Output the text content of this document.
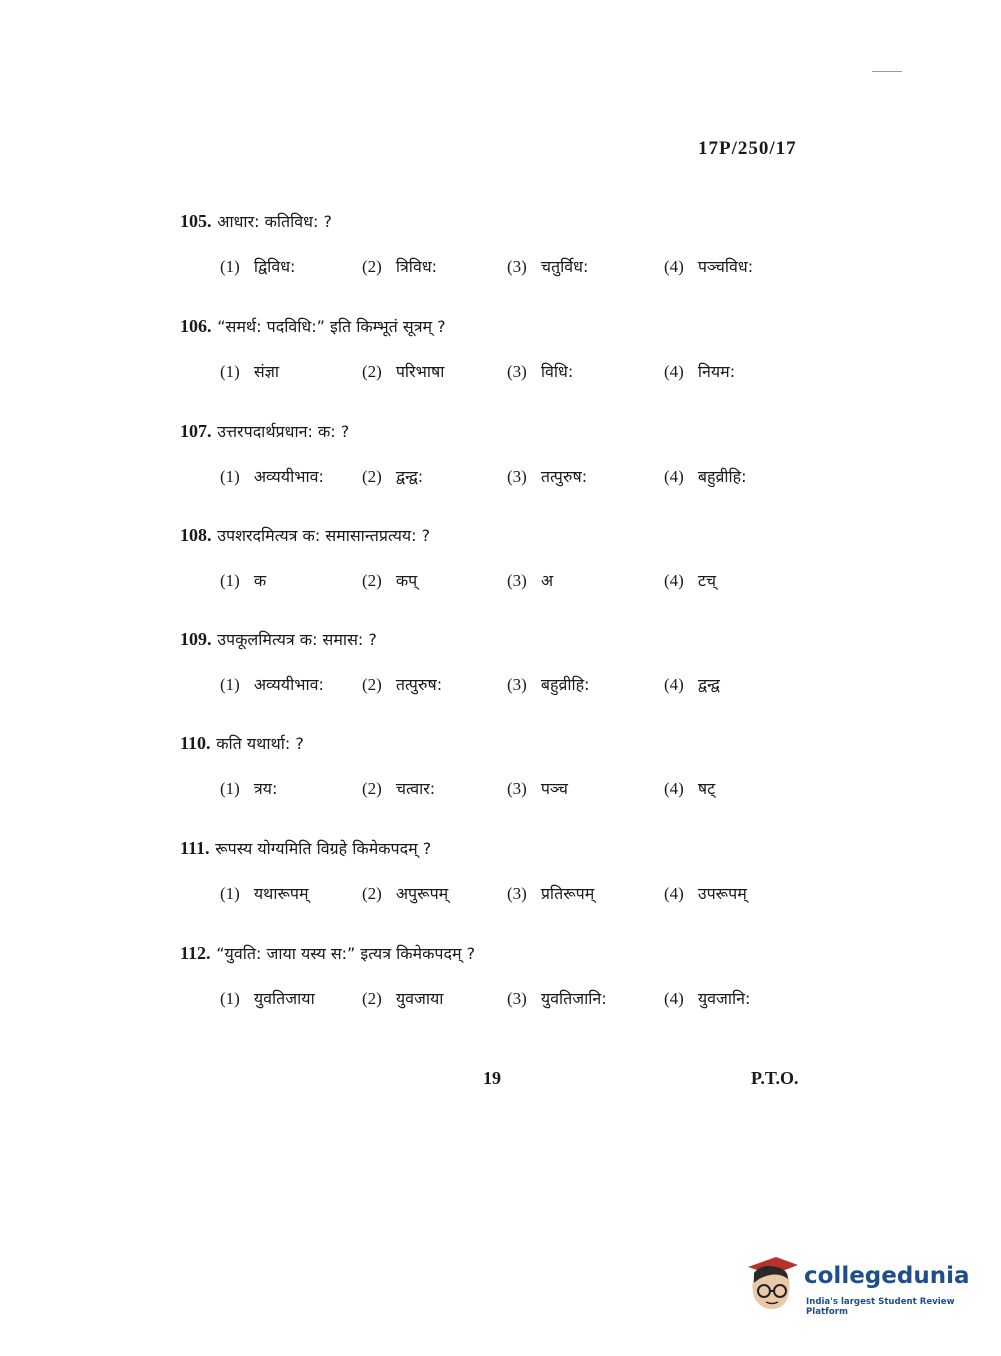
17P/250/17
105. आधार: कतिविध: ?
(1) द्विविध:	(2) त्रिविध:	(3) चतुर्विध:	(4) पञ्चविध:
106. “समर्थ: पदविधि:” इति किम्भूतं सूत्रम् ?
(1) संज्ञा	(2) परिभाषा	(3) विधि:	(4) नियम:
107. उत्तरपदार्थप्रधान: क: ?
(1) अव्ययीभाव: (2) द्वन्द्व:	(3) तत्पुरुष:	(4) बहुव्रीहि:
108. उपशरदमित्यत्र क: समासान्तप्रत्यय: ?
(1) क	(2) कप्	(3) अ	(4) टच्
109. उपकूलमित्यत्र क: समास: ?
(1) अव्ययीभाव: (2) तत्पुरुष:	(3) बहुव्रीहि:	(4) द्वन्द्व
110. कति यथार्था: ?
(1) त्रय:	(2) चत्वार:	(3) पञ्च	(4) षट्
111. रूपस्य योग्यमिति विग्रहे किमेकपदम् ?
(1) यथारूपम्	(2) अपुरूपम्	(3) प्रतिरूपम्	(4) उपरूपम्
112. “युवति: जाया यस्य स:” इत्यत्र किमेकपदम् ?
(1) युवतिजाया	(2) युवजाया	(3) युवतिजानि:	(4) युवजानि:
19	P.T.O.
collegedunia
India's largest Student Review Platform
